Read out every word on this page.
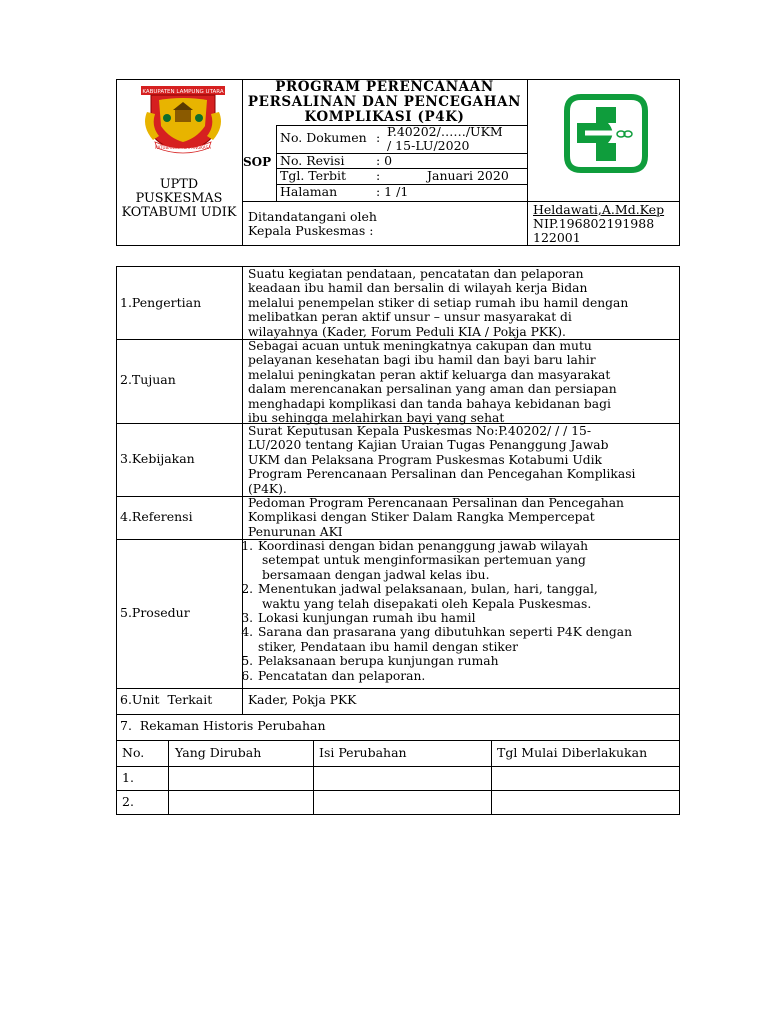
KABUPATEN LAMPUNG UTARA
RATUBANGSA SAI ANGKASA
UPTD
PUSKESMAS
KOTABUMI UDIK
PROGRAM PERENCANAAN
PERSALINAN DAN PENCEGAHAN
KOMPLIKASI (P4K)
SOP
No. Dokumen : P.40202/……/UKM
/ 15-LU/2020
No. Revisi	: 0
Tgl. Terbit :	Januari 2020
Halaman	: 1 /1
Ditandatangani oleh
Kepala Puskesmas :
Heldawati,A.Md.Kep
NIP.196802191988
122001
1.Pengertian
Suatu kegiatan pendataan, pencatatan dan pelaporan
keadaan ibu hamil dan bersalin di wilayah kerja Bidan
melalui penempelan stiker di setiap rumah ibu hamil dengan
melibatkan peran aktif unsur – unsur masyarakat di
wilayahnya (Kader, Forum Peduli KIA / Pokja PKK).
2.Tujuan
Sebagai acuan untuk meningkatnya cakupan dan mutu
pelayanan kesehatan bagi ibu hamil dan bayi baru lahir
melalui peningkatan peran aktif keluarga dan masyarakat
dalam merencanakan persalinan yang aman dan persiapan
menghadapi komplikasi dan tanda bahaya kebidanan bagi
ibu sehingga melahirkan bayi yang sehat
3.Kebijakan
Surat Keputusan Kepala Puskesmas No:P.40202/ / / 15-
LU/2020 tentang Kajian Uraian Tugas Penanggung Jawab
UKM dan Pelaksana Program Puskesmas Kotabumi Udik
Program Perencanaan Persalinan dan Pencegahan Komplikasi
(P4K).
4.Referensi
Pedoman Program Perencanaan Persalinan dan Pencegahan
Komplikasi dengan Stiker Dalam Rangka Mempercepat
Penurunan AKI
5.Prosedur
1. Koordinasi dengan bidan penanggung jawab wilayah
setempat untuk menginformasikan pertemuan yang
bersamaan dengan jadwal kelas ibu.
2. Menentukan jadwal pelaksanaan, bulan, hari, tanggal,
waktu yang telah disepakati oleh Kepala Puskesmas.
3. Lokasi kunjungan rumah ibu hamil
4. Sarana dan prasarana yang dibutuhkan seperti P4K dengan
stiker, Pendataan ibu hamil dengan stiker
5. Pelaksanaan berupa kunjungan rumah
6. Pencatatan dan pelaporan.
6.Unit  Terkait	Kader, Pokja PKK
7.  Rekaman Historis Perubahan
No. Yang Dirubah	Isi Perubahan	Tgl Mulai Diberlakukan
1.
2.
